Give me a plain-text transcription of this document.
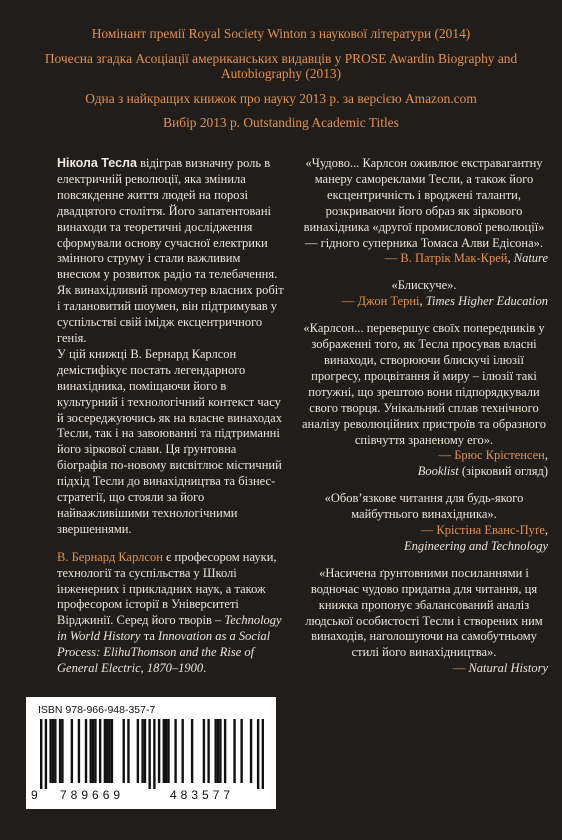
Номінант премії Royal Society Winton з наукової літератури (2014)
Почесна згадка Асоціації американських видавців у PROSE Awardin Biography and Autobiography (2013)
Одна з найкращих книжок про науку 2013 р. за версією Amazon.com
Вибір 2013 р. Outstanding Academic Titles
Нікола Тесла відіграв визначну роль в електричній революції, яка змінила повсякденне життя людей на порозі двадцятого століття. Його запатентовані винаходи та теоретичні дослідження сформували основу сучасної електрики змінного струму і стали важливим внеском у розвиток радіо та телебачення. Як винахідливий промоутер власних робіт і талановитий шоумен, він підтримував у суспільстві свій імідж ексцентричного генія.
У цій книжці В. Бернард Карлсон демістифікує постать легендарного винахідника, поміщаючи його в культурний і технологічний контекст часу й зосереджуючись як на власне винаходах Тесли, так і на завоюванні та підтриманні його зіркової слави. Ця ґрунтовна біографія по-новому висвітлює містичний підхід Тесли до винахідництва та бізнес-стратегії, що стояли за його найважливішими технологічними звершеннями.
В. Бернард Карлсон є професором науки, технології та суспільства у Школі інженерних і прикладних наук, а також професором історії в Університеті Вірджинії. Серед його творів – Technology in World History та Innovation as a Social Process: ElihuThomson and the Rise of General Electric, 1870–1900.
«Чудово... Карлсон оживлює екстравагантну манеру самореклами Тесли, а також його ексцентричність і вроджені таланти, розкриваючи його образ як зіркового винахідника «другої промислової революції» — гідного суперника Томаса Алви Едісона».
— В. Патрік Мак-Крей, Nature
«Блискуче».
— Джон Терні, Times Higher Education
«Карлсон... перевершує своїх попередників у зображенні того, як Тесла просував власні винаходи, створюючи блискучі ілюзії прогресу, процвітання й миру – ілюзії такі потужні, що зрештою вони підпорядкували свого творця. Унікальний сплав технічного аналізу революційних пристроїв та образного співчуття зраненому его».
— Брюс Крістенсен,
Booklist (зірковий огляд)
«Обов’язкове читання для будь-якого майбутнього винахідника».
— Крістіна Еванс-Пуґе,
Engineering and Technology
«Насичена ґрунтовними посиланнями і водночас чудово придатна для читання, ця книжка пропонує збалансований аналіз людської особистості Тесли і створених ним винаходів, наголошуючи на самобутньому стилі його винахідництва».
— Natural History
ISBN 978-966-948-357-7
9 789669	483577
